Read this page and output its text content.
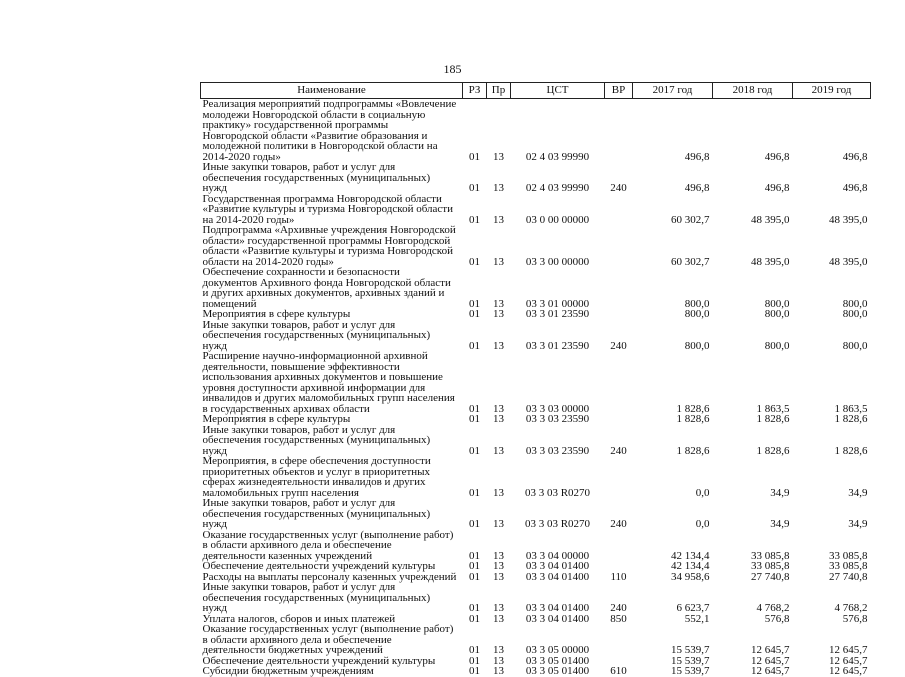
185
Наименование	РЗ	Пр	ЦСТ	ВР	2017 год	2018 год	2019 год
Реализация мероприятий подпрограммы «Вовлечение молодежи Новгородской области в социальную практику» государственной программы Новгородской области «Развитие образования и молодежной политики в Новгородской области на 2014-2020 годы»	01	13	02 4 03 99990		496,8	496,8	496,8
Иные закупки товаров, работ и услуг для обеспечения государственных (муниципальных) нужд	01	13	02 4 03 99990	240	496,8	496,8	496,8
Государственная программа Новгородской области «Развитие культуры и туризма Новгородской области на 2014-2020 годы»	01	13	03 0 00 00000		60 302,7	48 395,0	48 395,0
Подпрограмма «Архивные учреждения Новгородской области» государственной программы Новгородской области «Развитие культуры и туризма Новгородской области на 2014-2020 годы»	01	13	03 3 00 00000		60 302,7	48 395,0	48 395,0
Обеспечение сохранности и безопасности документов Архивного фонда Новгородской области и других архивных документов, архивных зданий и помещений	01	13	03 3 01 00000		800,0	800,0	800,0
Мероприятия в сфере культуры	01	13	03 3 01 23590		800,0	800,0	800,0
Иные закупки товаров, работ и услуг для обеспечения государственных (муниципальных) нужд	01	13	03 3 01 23590	240	800,0	800,0	800,0
Расширение научно-информационной архивной деятельности, повышение эффективности использования архивных документов и повышение уровня доступности архивной информации для инвалидов и других маломобильных групп населения в государственных архивах области	01	13	03 3 03 00000		1 828,6	1 863,5	1 863,5
Мероприятия в сфере культуры	01	13	03 3 03 23590		1 828,6	1 828,6	1 828,6
Иные закупки товаров, работ и услуг для обеспечения государственных (муниципальных) нужд	01	13	03 3 03 23590	240	1 828,6	1 828,6	1 828,6
Мероприятия, в сфере обеспечения доступности приоритетных объектов и услуг в приоритетных сферах жизнедеятельности инвалидов и других маломобильных групп населения	01	13	03 3 03 R0270		0,0	34,9	34,9
Иные закупки товаров, работ и услуг для обеспечения государственных (муниципальных) нужд	01	13	03 3 03 R0270	240	0,0	34,9	34,9
Оказание государственных услуг (выполнение работ) в области архивного дела и обеспечение деятельности казенных учреждений	01	13	03 3 04 00000		42 134,4	33 085,8	33 085,8
Обеспечение деятельности учреждений культуры	01	13	03 3 04 01400		42 134,4	33 085,8	33 085,8
Расходы на выплаты персоналу казенных учреждений	01	13	03 3 04 01400	110	34 958,6	27 740,8	27 740,8
Иные закупки товаров, работ и услуг для обеспечения государственных (муниципальных) нужд	01	13	03 3 04 01400	240	6 623,7	4 768,2	4 768,2
Уплата налогов, сборов и иных платежей	01	13	03 3 04 01400	850	552,1	576,8	576,8
Оказание государственных услуг (выполнение работ) в области архивного дела и обеспечение деятельности бюджетных учреждений	01	13	03 3 05 00000		15 539,7	12 645,7	12 645,7
Обеспечение деятельности учреждений культуры	01	13	03 3 05 01400		15 539,7	12 645,7	12 645,7
Субсидии бюджетным учреждениям	01	13	03 3 05 01400	610	15 539,7	12 645,7	12 645,7
